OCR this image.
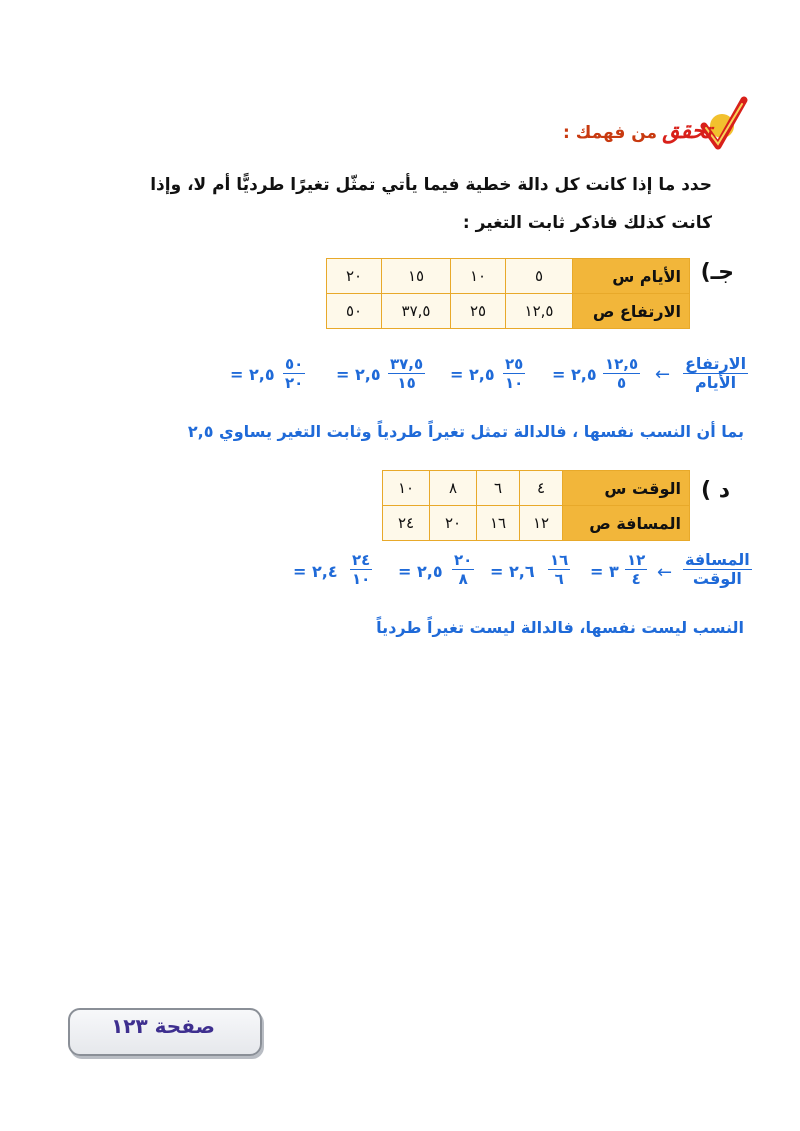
تحقق من فهمك :
حدد ما إذا كانت كل دالة خطية فيما يأتي تمثّل تغيرًا طرديًّا أم لا، وإذا كانت كذلك فاذكر ثابت التغير :
جـ)
الأيام س	٥	١٠	١٥	٢٠
الارتفاع ص	١٢,٥	٢٥	٣٧,٥	٥٠
الارتفاع
الأيام
←
١٢,٥
٥
٢,٥ =
٢٥
١٠
٢,٥ =
٣٧,٥
١٥
٢,٥ =
٥٠
٢٠
٢,٥ =
بما أن النسب نفسها ، فالدالة تمثل تغيراً طردياً وثابت التغير يساوي ٢,٥
د )
الوقت س	٤	٦	٨	١٠
المسافة ص	١٢	١٦	٢٠	٢٤
المسافة
الوقت
←
١٢
٤
٣ =
١٦
٦
٢,٦ =
٢٠
٨
٢,٥ =
٢٤
١٠
٢,٤ =
النسب ليست نفسها، فالدالة ليست تغيراً طردياً
صفحة ١٢٣
